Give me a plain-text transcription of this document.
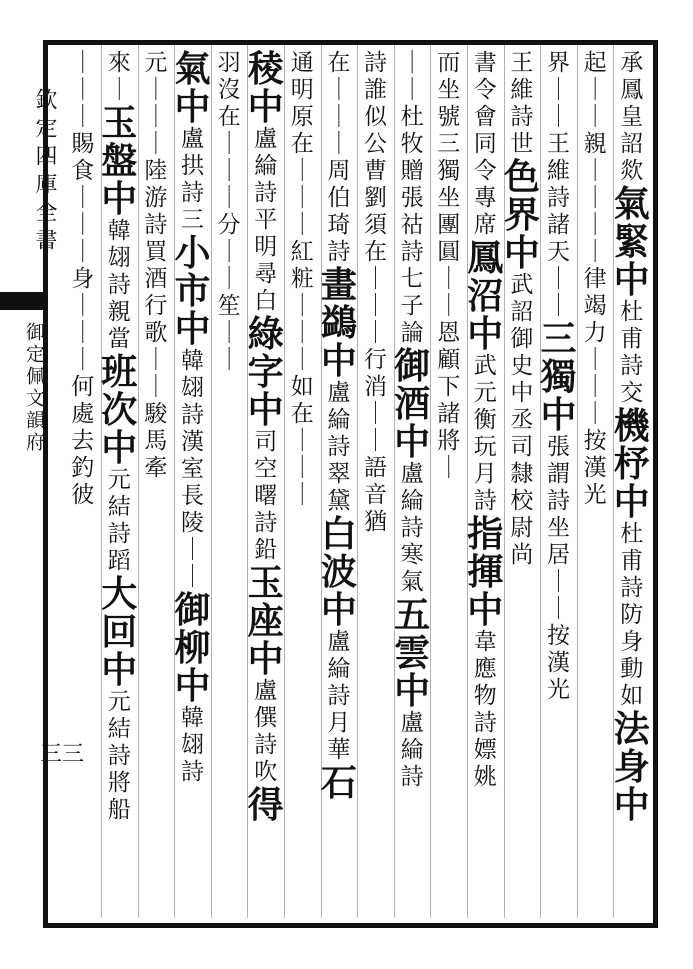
欽定四庫全書
御定佩文韻府
承
鳳
皇
詔
欻
氣
緊
中
杜
甫
詩
交
機
杼
中
杜
甫
詩
防
身
動
如
法
身
中
起
｜
｜
親
｜
｜
｜
｜
律
竭
力
｜
｜
｜
按
漢
光
界
｜
｜
王
維
詩
諸
天
｜
｜
三
獨
中
張
謂
詩
坐
居
｜
｜
按
漢
光
王
維
詩
世
色
界
中
武
詔
御
史
中
丞
司
隸
校
尉
尚
書
令
會
同
令
專
席
鳳
沼
中
武
元
衡
玩
月
詩
指
揮
中
韋
應
物
詩
嫖
姚
而
坐
號
三
獨
坐
團
圓
｜
｜
恩
顧
下
諸
將
｜
｜
｜
杜
牧
贈
張
祜
詩
七
子
論
御
酒
中
盧
綸
詩
寒
氣
五
雲
中
盧
綸
詩
詩
誰
似
公
曹
劉
須
在
｜
｜
｜
行
消
｜
｜
語
音
猶
在
｜
｜
｜
周
伯
琦
詩
畫
鷁
中
盧
綸
詩
翠
黛
白
波
中
盧
綸
詩
月
華
石
通
明
原
在
｜
｜
｜
紅
粧
｜
｜
｜
如
在
｜
｜
｜
稜
中
盧
綸
詩
平
明
尋
白
綠
字
中
司
空
曙
詩
鉛
玉
座
中
盧
僎
詩
吹
得
羽
沒
在
｜
｜
｜
分
｜
｜
笙
｜
｜
氣
中
盧
拱
詩
三
小
市
中
韓
翃
詩
漢
室
長
陵
｜
｜
御
柳
中
韓
翃
詩
元
｜
｜
｜
陸
游
詩
買
酒
行
歌
｜
｜
駿
馬
牽
來
｜
玉
盤
中
韓
翃
詩
親
當
班
次
中
元
結
詩
蹈
大
回
中
元
結
詩
將
船
｜
｜
｜
賜
食
｜
｜
｜
身
｜
｜
｜
何
處
去
釣
彼
三三
